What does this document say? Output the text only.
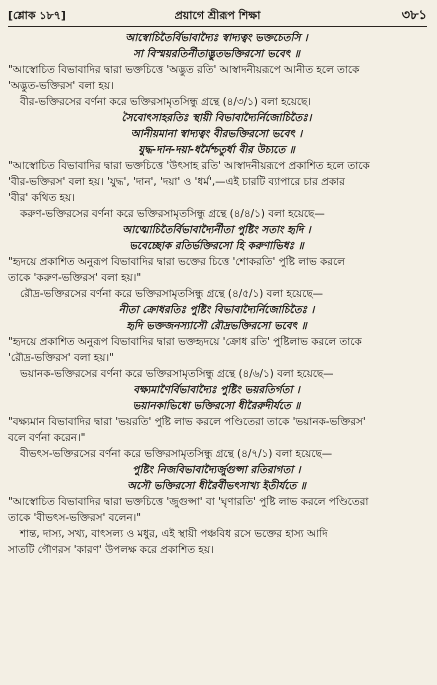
[শ্লোক ১৮৭]	প্রয়াগে শ্রীরূপ শিক্ষা	৩৮১
আস্বোচিতৈর্বিভাবাদ্যৈঃ স্বাদ্যত্বং ভক্তচেতসি ।
সা বিস্ময়রতির্নীতাদ্ভুতভক্তিরসো ভবেৎ ॥
"আস্বোচিত বিভাবাদির দ্বারা ভক্তচিত্তে 'অদ্ভুত রতি' আস্বাদনীয়রূপে আনীত হলে তাকে
'অদ্ভুত-ভক্তিরস' বলা হয়।
বীর-ভক্তিরসের বর্ণনা করে ভক্তিরসামৃতসিন্ধু গ্রন্থে (৪/৩/১) বলা হয়েছে।
সৈবোৎসাহরতিঃ স্থায়ী বিভাবাদ্যৈর্নিজোচিতৈঃ।
আনীয়মানা স্বাদ্যত্বং বীরভক্তিরসো ভবেৎ ।
যুদ্ধ-দান-দয়া-ধর্মৈশ্চতুর্ধা বীর উচ্যতে ॥
"আস্বোচিত বিভাবাদির দ্বারা ভক্তচিত্তে 'উৎসাহ রতি' আস্বাদনীয়রূপে প্রকাশিত হলে তাকে
'বীর-ভক্তিরস' বলা হয়। 'যুদ্ধ', 'দান', 'দয়া' ও 'ধর্ম',—এই চারটি ব্যাপারে চার প্রকার
'বীর' কথিত হয়।
করুণ-ভক্তিরসের বর্ণনা করে ভক্তিরসামৃতসিন্ধু গ্রন্থে (৪/৪/১) বলা হয়েছে—
আত্মোচিতৈর্বিভাবাদ্যৈর্নীতা পুষ্টিং সতাং হৃদি ।
ভবেচ্ছোক রতির্ভক্তিরসো হি করুণাভিধঃ ॥
"হৃদয়ে প্রকাশিত অনুরূপ বিভাবাদির দ্বারা ভক্তের চিত্তে 'শোকরতি' পুষ্টি লাভ করলে
তাকে 'করুণ-ভক্তিরস' বলা হয়।"
রৌদ্র-ভক্তিরসের বর্ণনা করে ভক্তিরসামৃতসিন্ধু গ্রন্থে (৪/৫/১) বলা হয়েছে—
নীতা ক্রোধরতিঃ পুষ্টিং বিভাবাদ্যৈর্নিজোচিতৈঃ ।
হৃদি ভক্তজনস্যাসৌ রৌদ্রভক্তিরসো ভবেৎ ॥
"হৃদয়ে প্রকাশিত অনুরূপ বিভাবাদির দ্বারা ভক্তহৃদয়ে 'ক্রোধ রতি' পুষ্টিলাভ করলে তাকে
'রৌদ্র-ভক্তিরস' বলা হয়।"
ভয়ানক-ভক্তিরসের বর্ণনা করে ভক্তিরসামৃতসিন্ধু গ্রন্থে (৪/৬/১) বলা হয়েছে—
বক্ষ্যমাণৈর্বিভাবাদ্যৈঃ পুষ্টিং ভয়রতির্গতা ।
ভয়ানকাভিধো ভক্তিরসো ধীরৈরুদীর্যতে ॥
"বক্ষ্যমান বিভাবাদির দ্বারা 'ভয়রতি' পুষ্টি লাভ করলে পণ্ডিতেরা তাকে 'ভয়ানক-ভক্তিরস'
বলে বর্ণনা করেন।"
বীভৎস-ভক্তিরসের বর্ণনা করে ভক্তিরসামৃতসিন্ধু গ্রন্থে (৪/৭/১) বলা হয়েছে—
পুষ্টিং নিজবিভাবাদ্যৈর্জুগুপ্সা রতিরাগতা ।
অসৌ ভক্তিরসো ধীরৈর্বীভৎসাখ্য ইতীর্যতে ॥
"আস্বোচিত বিভাবাদির দ্বারা ভক্তচিত্তে 'জুগুপ্সা' বা 'ঘৃণারতি' পুষ্টি লাভ করলে পণ্ডিতেরা
তাকে 'বীভৎস-ভক্তিরস' বলেন।"
শান্ত, দাস্য, সখ্য, বাৎসল্য ও মধুর, এই স্থায়ী পঞ্চবিধ রসে ভক্তের হাস্য আদি
সাতটি গৌণরস 'কারণ' উপলক্ষ করে প্রকাশিত হয়।
